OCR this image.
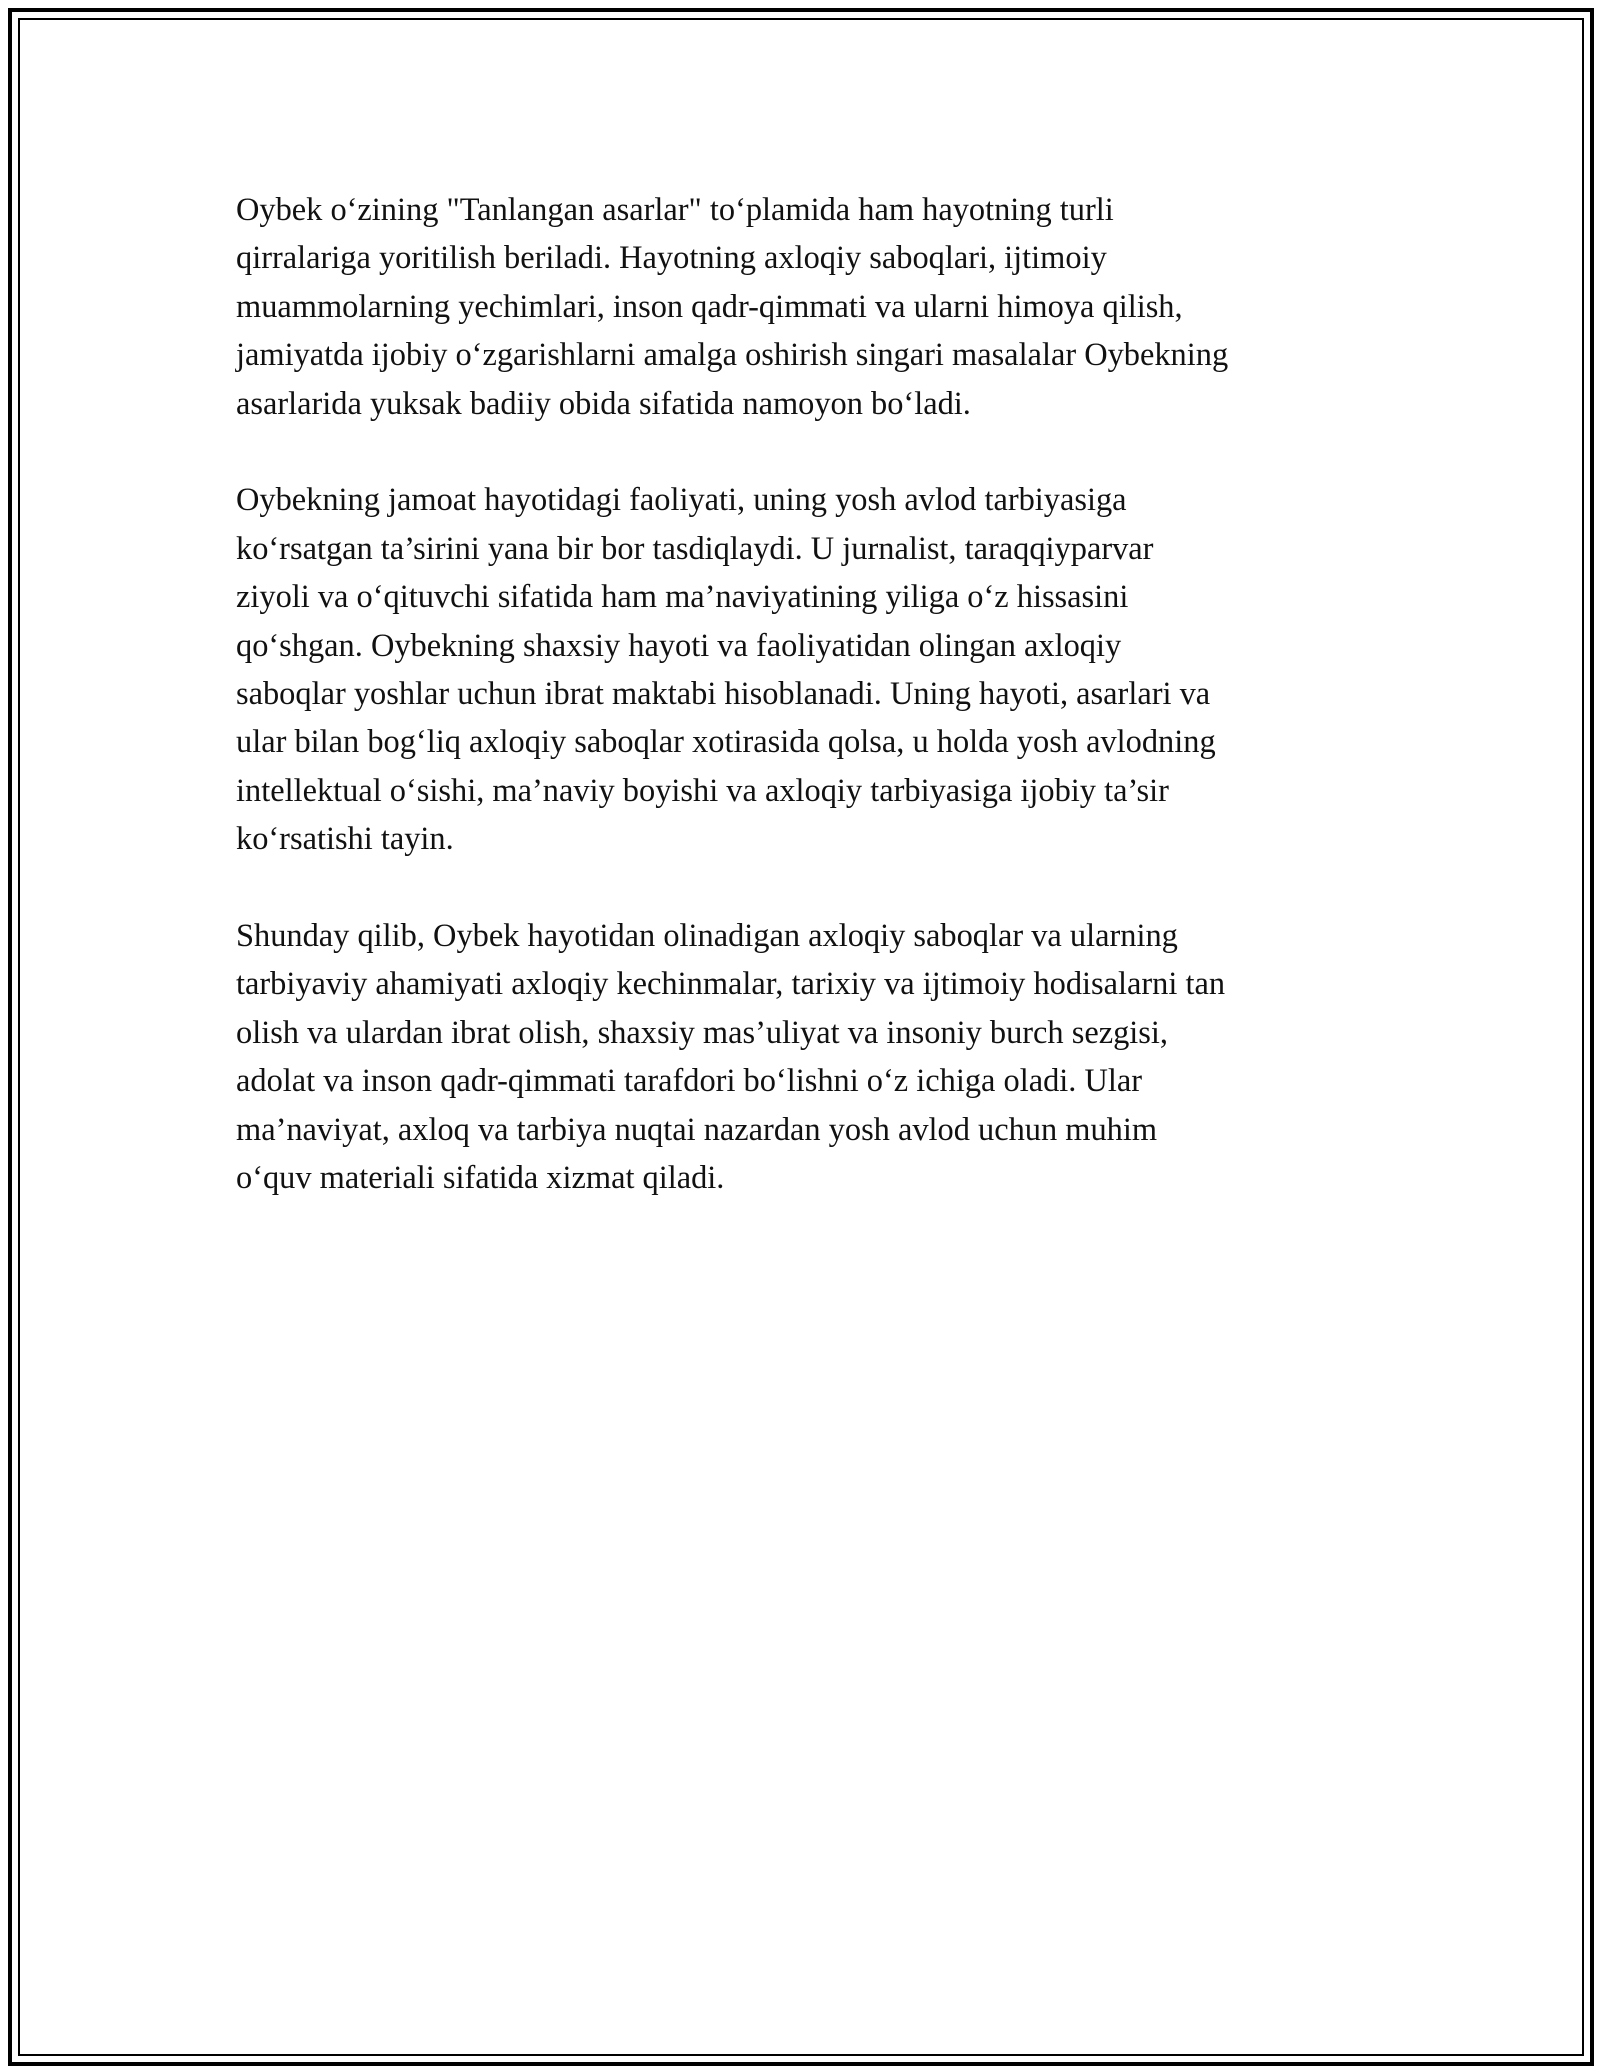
Oybek oʻzining "Tanlangan asarlar" toʻplamida ham hayotning turli
qirralariga yoritilish beriladi. Hayotning axloqiy saboqlari, ijtimoiy
muammolarning yechimlari, inson qadr-qimmati va ularni himoya qilish,
jamiyatda ijobiy oʻzgarishlarni amalga oshirish singari masalalar Oybekning
asarlarida yuksak badiiy obida sifatida namoyon boʻladi.

Oybekning jamoat hayotidagi faoliyati, uning yosh avlod tarbiyasiga
koʻrsatgan ta’sirini yana bir bor tasdiqlaydi. U jurnalist, taraqqiyparvar
ziyoli va oʻqituvchi sifatida ham ma’naviyatining yiliga oʻz hissasini
qoʻshgan. Oybekning shaxsiy hayoti va faoliyatidan olingan axloqiy
saboqlar yoshlar uchun ibrat maktabi hisoblanadi. Uning hayoti, asarlari va
ular bilan bogʻliq axloqiy saboqlar xotirasida qolsa, u holda yosh avlodning
intellektual oʻsishi, ma’naviy boyishi va axloqiy tarbiyasiga ijobiy ta’sir
koʻrsatishi tayin.

Shunday qilib, Oybek hayotidan olinadigan axloqiy saboqlar va ularning
tarbiyaviy ahamiyati axloqiy kechinmalar, tarixiy va ijtimoiy hodisalarni tan
olish va ulardan ibrat olish, shaxsiy mas’uliyat va insoniy burch sezgisi,
adolat va inson qadr-qimmati tarafdori boʻlishni oʻz ichiga oladi. Ular
ma’naviyat, axloq va tarbiya nuqtai nazardan yosh avlod uchun muhim
oʻquv materiali sifatida xizmat qiladi.
